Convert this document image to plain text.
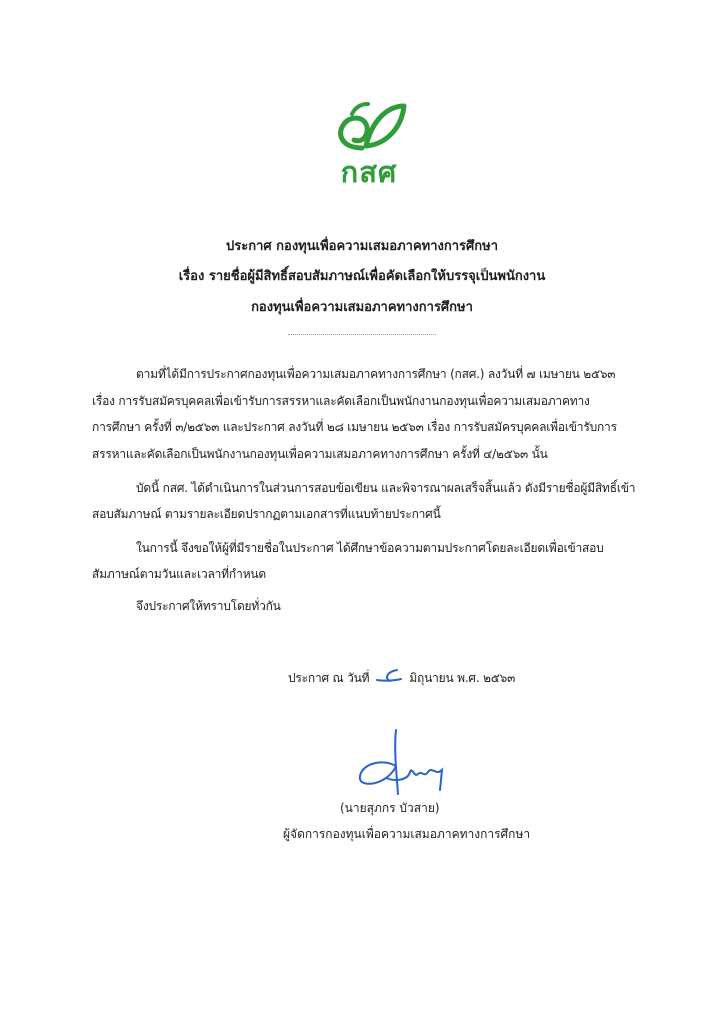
กสศ
ประกาศ กองทุนเพื่อความเสมอภาคทางการศึกษา
เรื่อง รายชื่อผู้มีสิทธิ์สอบสัมภาษณ์เพื่อคัดเลือกให้บรรจุเป็นพนักงาน
กองทุนเพื่อความเสมอภาคทางการศึกษา
ตามที่ได้มีการประกาศกองทุนเพื่อความเสมอภาคทางการศึกษา (กสศ.) ลงวันที่ ๗ เมษายน ๒๕๖๓
เรื่อง การรับสมัครบุคคลเพื่อเข้ารับการสรรหาและคัดเลือกเป็นพนักงานกองทุนเพื่อความเสมอภาคทาง
การศึกษา ครั้งที่ ๓/๒๕๖๓ และประกาศ ลงวันที่ ๒๘ เมษายน ๒๕๖๓ เรื่อง การรับสมัครบุคคลเพื่อเข้ารับการ
สรรหาและคัดเลือกเป็นพนักงานกองทุนเพื่อความเสมอภาคทางการศึกษา ครั้งที่ ๔/๒๕๖๓ นั้น
บัดนี้ กสศ. ได้ดำเนินการในส่วนการสอบข้อเขียน และพิจารณาผลเสร็จสิ้นแล้ว ดังมีรายชื่อผู้มีสิทธิ์เข้า
สอบสัมภาษณ์ ตามรายละเอียดปรากฏตามเอกสารที่แนบท้ายประกาศนี้
ในการนี้ จึงขอให้ผู้ที่มีรายชื่อในประกาศ ได้ศึกษาข้อความตามประกาศโดยละเอียดเพื่อเข้าสอบ
สัมภาษณ์ตามวันและเวลาที่กำหนด
จึงประกาศให้ทราบโดยทั่วกัน
ประกาศ ณ วันที่	มิถุนายน พ.ศ. ๒๕๖๓
(นายสุภกร บัวสาย)
ผู้จัดการกองทุนเพื่อความเสมอภาคทางการศึกษา
